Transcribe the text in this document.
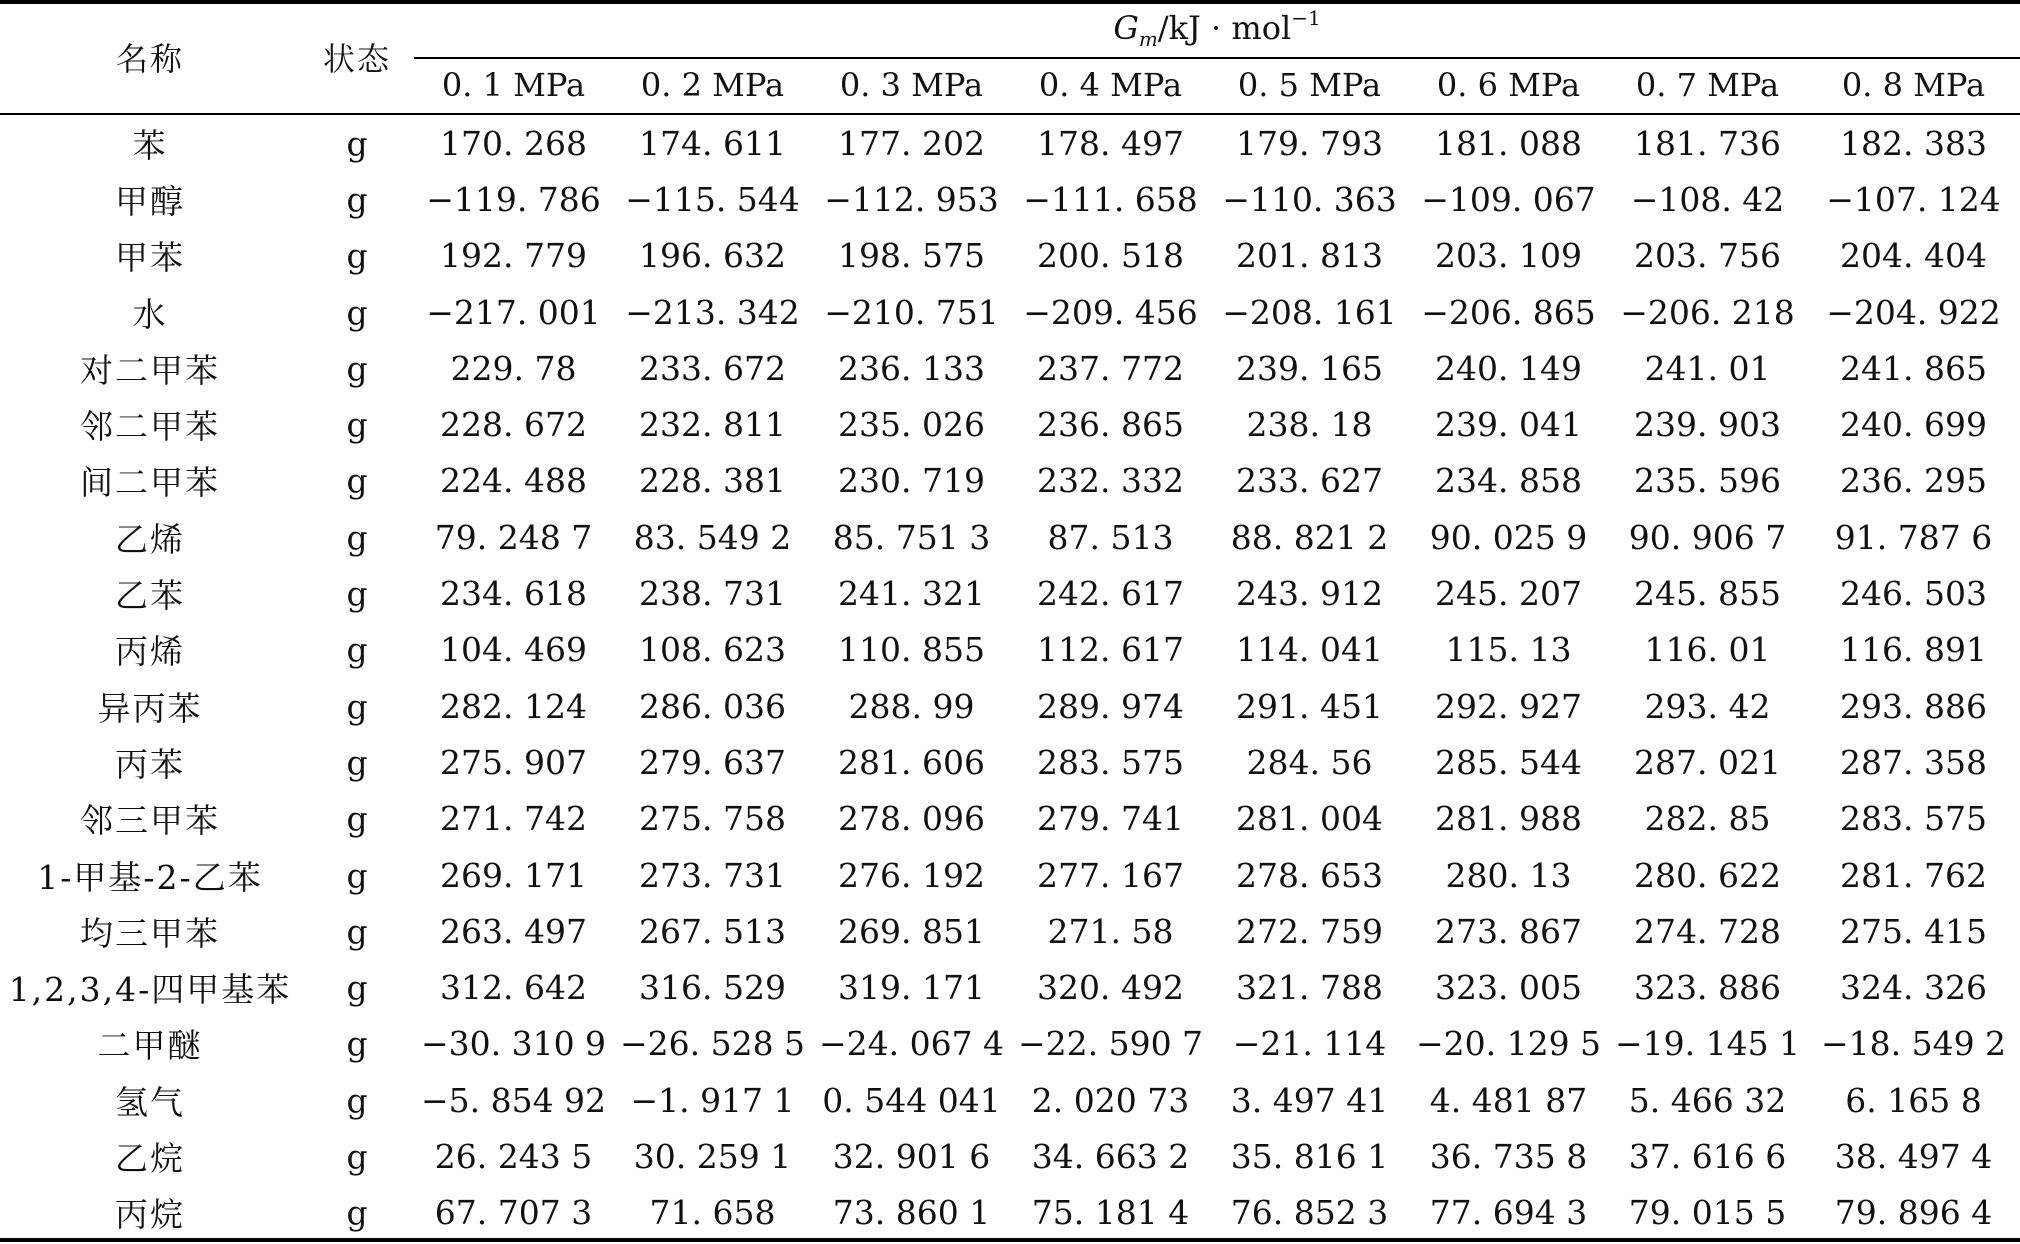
名称	状态	$G_m/kJ \cdot mol^{-1}$
		0. 1 MPa	0. 2 MPa	0. 3 MPa	0. 4 MPa	0. 5 MPa	0. 6 MPa	0. 7 MPa	0. 8 MPa
苯	g	170. 268	174. 611	177. 202	178. 497	179. 793	181. 088	181. 736	182. 383
甲醇	g	−119. 786	−115. 544	−112. 953	−111. 658	−110. 363	−109. 067	−108. 42	−107. 124
甲苯	g	192. 779	196. 632	198. 575	200. 518	201. 813	203. 109	203. 756	204. 404
水	g	−217. 001	−213. 342	−210. 751	−209. 456	−208. 161	−206. 865	−206. 218	−204. 922
对二甲苯	g	229. 78	233. 672	236. 133	237. 772	239. 165	240. 149	241. 01	241. 865
邻二甲苯	g	228. 672	232. 811	235. 026	236. 865	238. 18	239. 041	239. 903	240. 699
间二甲苯	g	224. 488	228. 381	230. 719	232. 332	233. 627	234. 858	235. 596	236. 295
乙烯	g	79. 248 7	83. 549 2	85. 751 3	87. 513	88. 821 2	90. 025 9	90. 906 7	91. 787 6
乙苯	g	234. 618	238. 731	241. 321	242. 617	243. 912	245. 207	245. 855	246. 503
丙烯	g	104. 469	108. 623	110. 855	112. 617	114. 041	115. 13	116. 01	116. 891
异丙苯	g	282. 124	286. 036	288. 99	289. 974	291. 451	292. 927	293. 42	293. 886
丙苯	g	275. 907	279. 637	281. 606	283. 575	284. 56	285. 544	287. 021	287. 358
邻三甲苯	g	271. 742	275. 758	278. 096	279. 741	281. 004	281. 988	282. 85	283. 575
1-甲基-2-乙苯	g	269. 171	273. 731	276. 192	277. 167	278. 653	280. 13	280. 622	281. 762
均三甲苯	g	263. 497	267. 513	269. 851	271. 58	272. 759	273. 867	274. 728	275. 415
1,2,3,4-四甲基苯	g	312. 642	316. 529	319. 171	320. 492	321. 788	323. 005	323. 886	324. 326
二甲醚	g	−30. 310 9	−26. 528 5	−24. 067 4	−22. 590 7	−21. 114	−20. 129 5	−19. 145 1	−18. 549 2
氢气	g	−5. 854 92	−1. 917 1	0. 544 041	2. 020 73	3. 497 41	4. 481 87	5. 466 32	6. 165 8
乙烷	g	26. 243 5	30. 259 1	32. 901 6	34. 663 2	35. 816 1	36. 735 8	37. 616 6	38. 497 4
丙烷	g	67. 707 3	71. 658	73. 860 1	75. 181 4	76. 852 3	77. 694 3	79. 015 5	79. 896 4
